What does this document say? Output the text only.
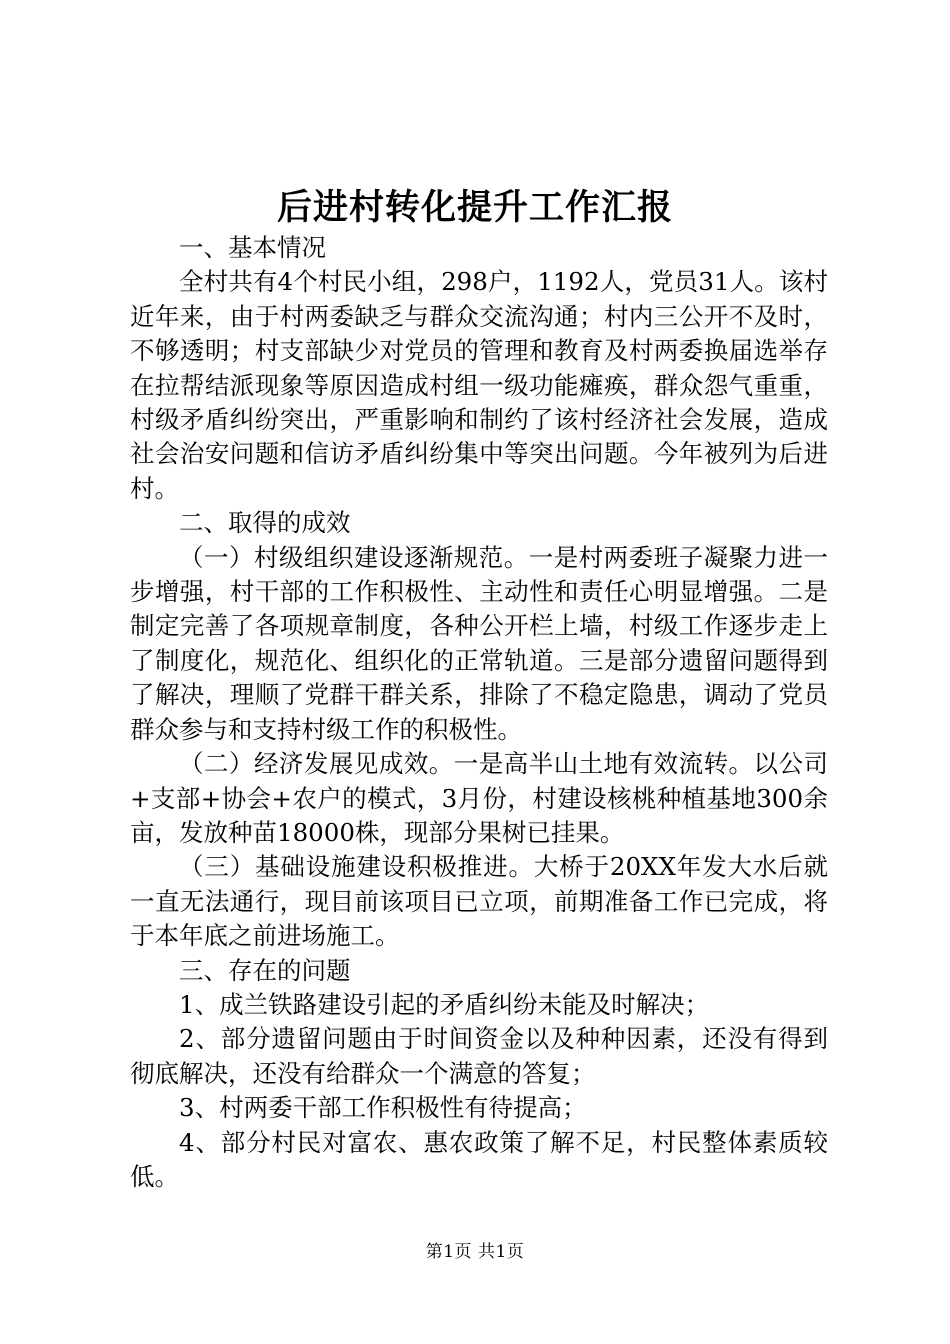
后进村转化提升工作汇报

一、基本情况

全村共有4个村民小组，298户，1192人，党员31人。该村近年来，由于村两委缺乏与群众交流沟通；村内三公开不及时，不够透明；村支部缺少对党员的管理和教育及村两委换届选举存在拉帮结派现象等原因造成村组一级功能瘫痪，群众怨气重重，村级矛盾纠纷突出，严重影响和制约了该村经济社会发展，造成社会治安问题和信访矛盾纠纷集中等突出问题。今年被列为后进村。

二、取得的成效

（一）村级组织建设逐渐规范。一是村两委班子凝聚力进一步增强，村干部的工作积极性、主动性和责任心明显增强。二是制定完善了各项规章制度，各种公开栏上墙，村级工作逐步走上了制度化，规范化、组织化的正常轨道。三是部分遗留问题得到了解决，理顺了党群干群关系，排除了不稳定隐患，调动了党员群众参与和支持村级工作的积极性。

（二）经济发展见成效。一是高半山土地有效流转。以公司+支部+协会+农户的模式，3月份，村建设核桃种植基地300余亩，发放种苗18000株，现部分果树已挂果。

（三）基础设施建设积极推进。大桥于20XX年发大水后就一直无法通行，现目前该项目已立项，前期准备工作已完成，将于本年底之前进场施工。

三、存在的问题

1、成兰铁路建设引起的矛盾纠纷未能及时解决；

2、部分遗留问题由于时间资金以及种种因素，还没有得到彻底解决，还没有给群众一个满意的答复；

3、村两委干部工作积极性有待提高；

4、部分村民对富农、惠农政策了解不足，村民整体素质较低。

第1页 共1页
